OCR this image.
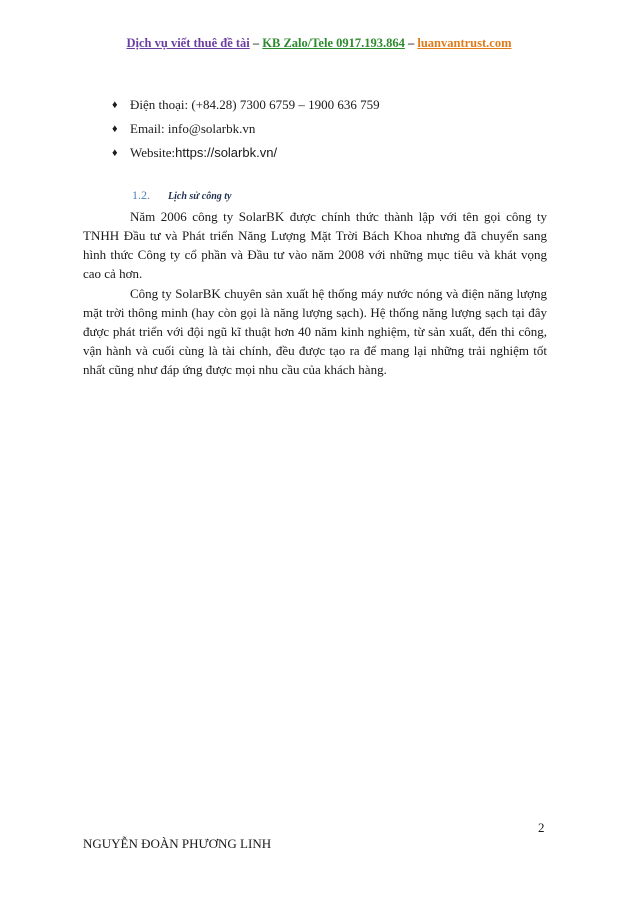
Dịch vụ viết thuê đề tài – KB Zalo/Tele 0917.193.864 – luanvantrust.com
♦ Điện thoại: (+84.28) 7300 6759 – 1900 636 759
♦ Email: info@solarbk.vn
♦ Website: https://solarbk.vn/
1.2. Lịch sử công ty

Năm 2006 công ty SolarBK được chính thức thành lập với tên gọi công ty TNHH Đầu tư và Phát triển Năng Lượng Mặt Trời Bách Khoa nhưng đã chuyển sang hình thức Công ty cổ phần và Đầu tư vào năm 2008 với những mục tiêu và khát vọng cao cả hơn.

Công ty SolarBK chuyên sản xuất hệ thống máy nước nóng và điện năng lượng mặt trời thông minh (hay còn gọi là năng lượng sạch). Hệ thống năng lượng sạch tại đây được phát triển với đội ngũ kĩ thuật hơn 40 năm kinh nghiệm, từ sản xuất, đến thi công, vận hành và cuối cùng là tài chính, đều được tạo ra để mang lại những trải nghiệm tốt nhất cũng như đáp ứng được mọi nhu cầu của khách hàng.

2
NGUYỄN ĐOÀN PHƯƠNG LINH
